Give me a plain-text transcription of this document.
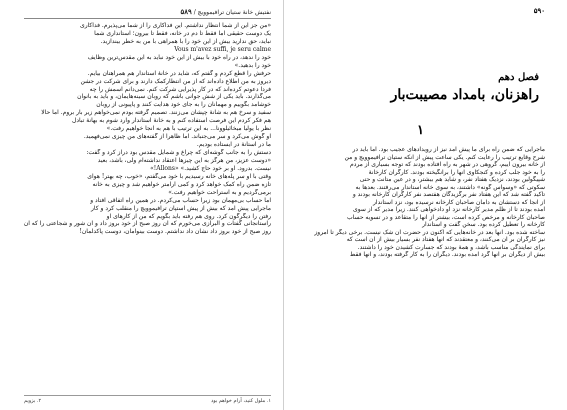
نفتیش خانهٔ ستیان ترافیموویچ / ۵۸۹

«من جز این از شما انتظار نداشتم. این فداکاری را از شما می‌پذیرم. فداکاری

یک دوست حقیقی اما فقط تا دم در خانه، فقط تا بیرون؛ استانداری شما

نباید، حق ندارید بیش از این خود را با همراهی با من به خطر بیندازید.

Vous m'avez suffi, je seru calme

خود را ندهد، در راه خود با بیش از این خود نباید به این مقدس‌ترین وظایف

خود را بدهید.»

حرفش را قطع کردم و گفتم که، شاید در خانهٔ استاندار هم همراهتان بیایم.

دیروز به من اطلاع داده‌اند که از من انتظارکمک دارند و برای شرکت در جشن

فردا دعوتم کرده‌اند که در کار پذیرایی شرکت کنم. نمی‌دانم اسمش را چه

می‌گذارند. باید یکی از شش جوانی باشم که روبان سینه‌هایمان، و باید به بانوان

خوشامد بگوییم و مهمانان را به جای خود هدایت کنند و پاپیونی از روبان

سفید و سرخ هم به شانهٔ چپشان می‌زنند. تصمیم گرفته بودم نمی‌خواهم زیر بار بروم. اما حالا

هم فکر کردم این فرصت استفاده کنم و به خانهٔ استاندار وارد شوم به بهانهٔ تبادل

نظر با یولیا میخائیلوونا... به این ترتیب با هم به آنجا خواهیم رفت.»

او گوش می‌کرد و سر می‌جنباند. اما ظاهراً از گفته‌های من چیزی نمی‌فهمید.

ما در آستانهٔ در ایستاده بودیم.

دستش را به جانب گوشه‌ای که چراغ و شمایل مقدس بود دراز کرد و گفت:

«دوست عزیز، من هرگز به این چیزها اعتقاد نداشته‌ام ولی، باشد، بعید

نیست. بدرود. او بر خود حاج کشید.» «Allons!»

وقتی با او سر پله‌های خانه رسیدیم با خود می‌گفتم، «خوب، چه بهتر! هوای

تازه ضمن راه کمک خواهد کرد و کمی آرامتر خواهیم شد و چیزی به خانه

برمی‌گردیم و به استراحت خواهیم رفت.»

اما حساب بی‌مهمان بود زیرا حساب می‌کردم. در همین راه اتفاقی افتاد و

ماجرایی پیش آمد که بیش از پیش استپان ترافیموویچ را منقلب کرد و کار

رفتن را دیگرگون کرد. روی هم رفته باید بگویم که من از کارهای او

راستانجانی گفتات و البرازی می‌خورم که آن روز صبح از خود بروز داد و آن شور و شجاعتی را که آن

روز صبح از خود بروز داد نشان داد نداشتم. دوست بینوامان، دوست پاکدلمان!

۱. ملول کنید، آرام خواهم بود
۲. بزویم
۵۹۰
فصل دهم
راهزنان، بامداد مصیبت‌بار
۱

ماجرایی که ضمن راه برای ما پیش آمد نیز از رویدادهای عجیب بود. اما باید در

شرح وقایع ترتیب را رعایت کنم. یکی ساعت پیش از آنکه ستیان ترافیموویچ و من

از خانه بیرون آییم، گروهی در شهر به راه افتاده بودند که توجه بسیاری از مردم

را به خود جلب کرده و کنجکاوی آنها را برانگیخته بودند. کارگران کارخانهٔ

شپیگولین بودند، نزدیک هفتاد نفر، و شاید هم بیشتر، و در عین متانت و حتی

سکوتی که «وسواس گونه» داشتند، به سوی خانه استاندار می‌رفتند. بعدها به

تأکید گفته شد که این هفتاد نفر برگزیدگان هفتصد نفر کارگران کارخانه بودند و

از آنجا که دستشان به دامان صاحبان کارخانه نرسیده بود، نزد استاندار

آمده بودند تا از ظلم مدیر کارخانه نزد او دادخواهی کنند. زیرا مدیر که از سوی

صاحبان کارخانه و مرخص کرده است، بیشتر از آنها را متقاعد و در تسویه حساب

کارخانه را تعطیل کرده بود. سخن گفت و استاندار

ساخته شده بود. آنها بعد در خانه‌هایی که اکنون در حضرت آن شک نیست. برخی دیگر تا امروز

نیز کارگران بر آن می‌کنند، و معتقدند که آنها هفتاد نفر بسیار بیش از آن است که

برای نمایندگی مناسب باشد، و همهٔ بودند که جسارت کشیدن خود را داشتند.

بیش از دیگران بر آنها گرد آمده بودند. دیگران را به کار گرفته بودند، و آنها فقط
